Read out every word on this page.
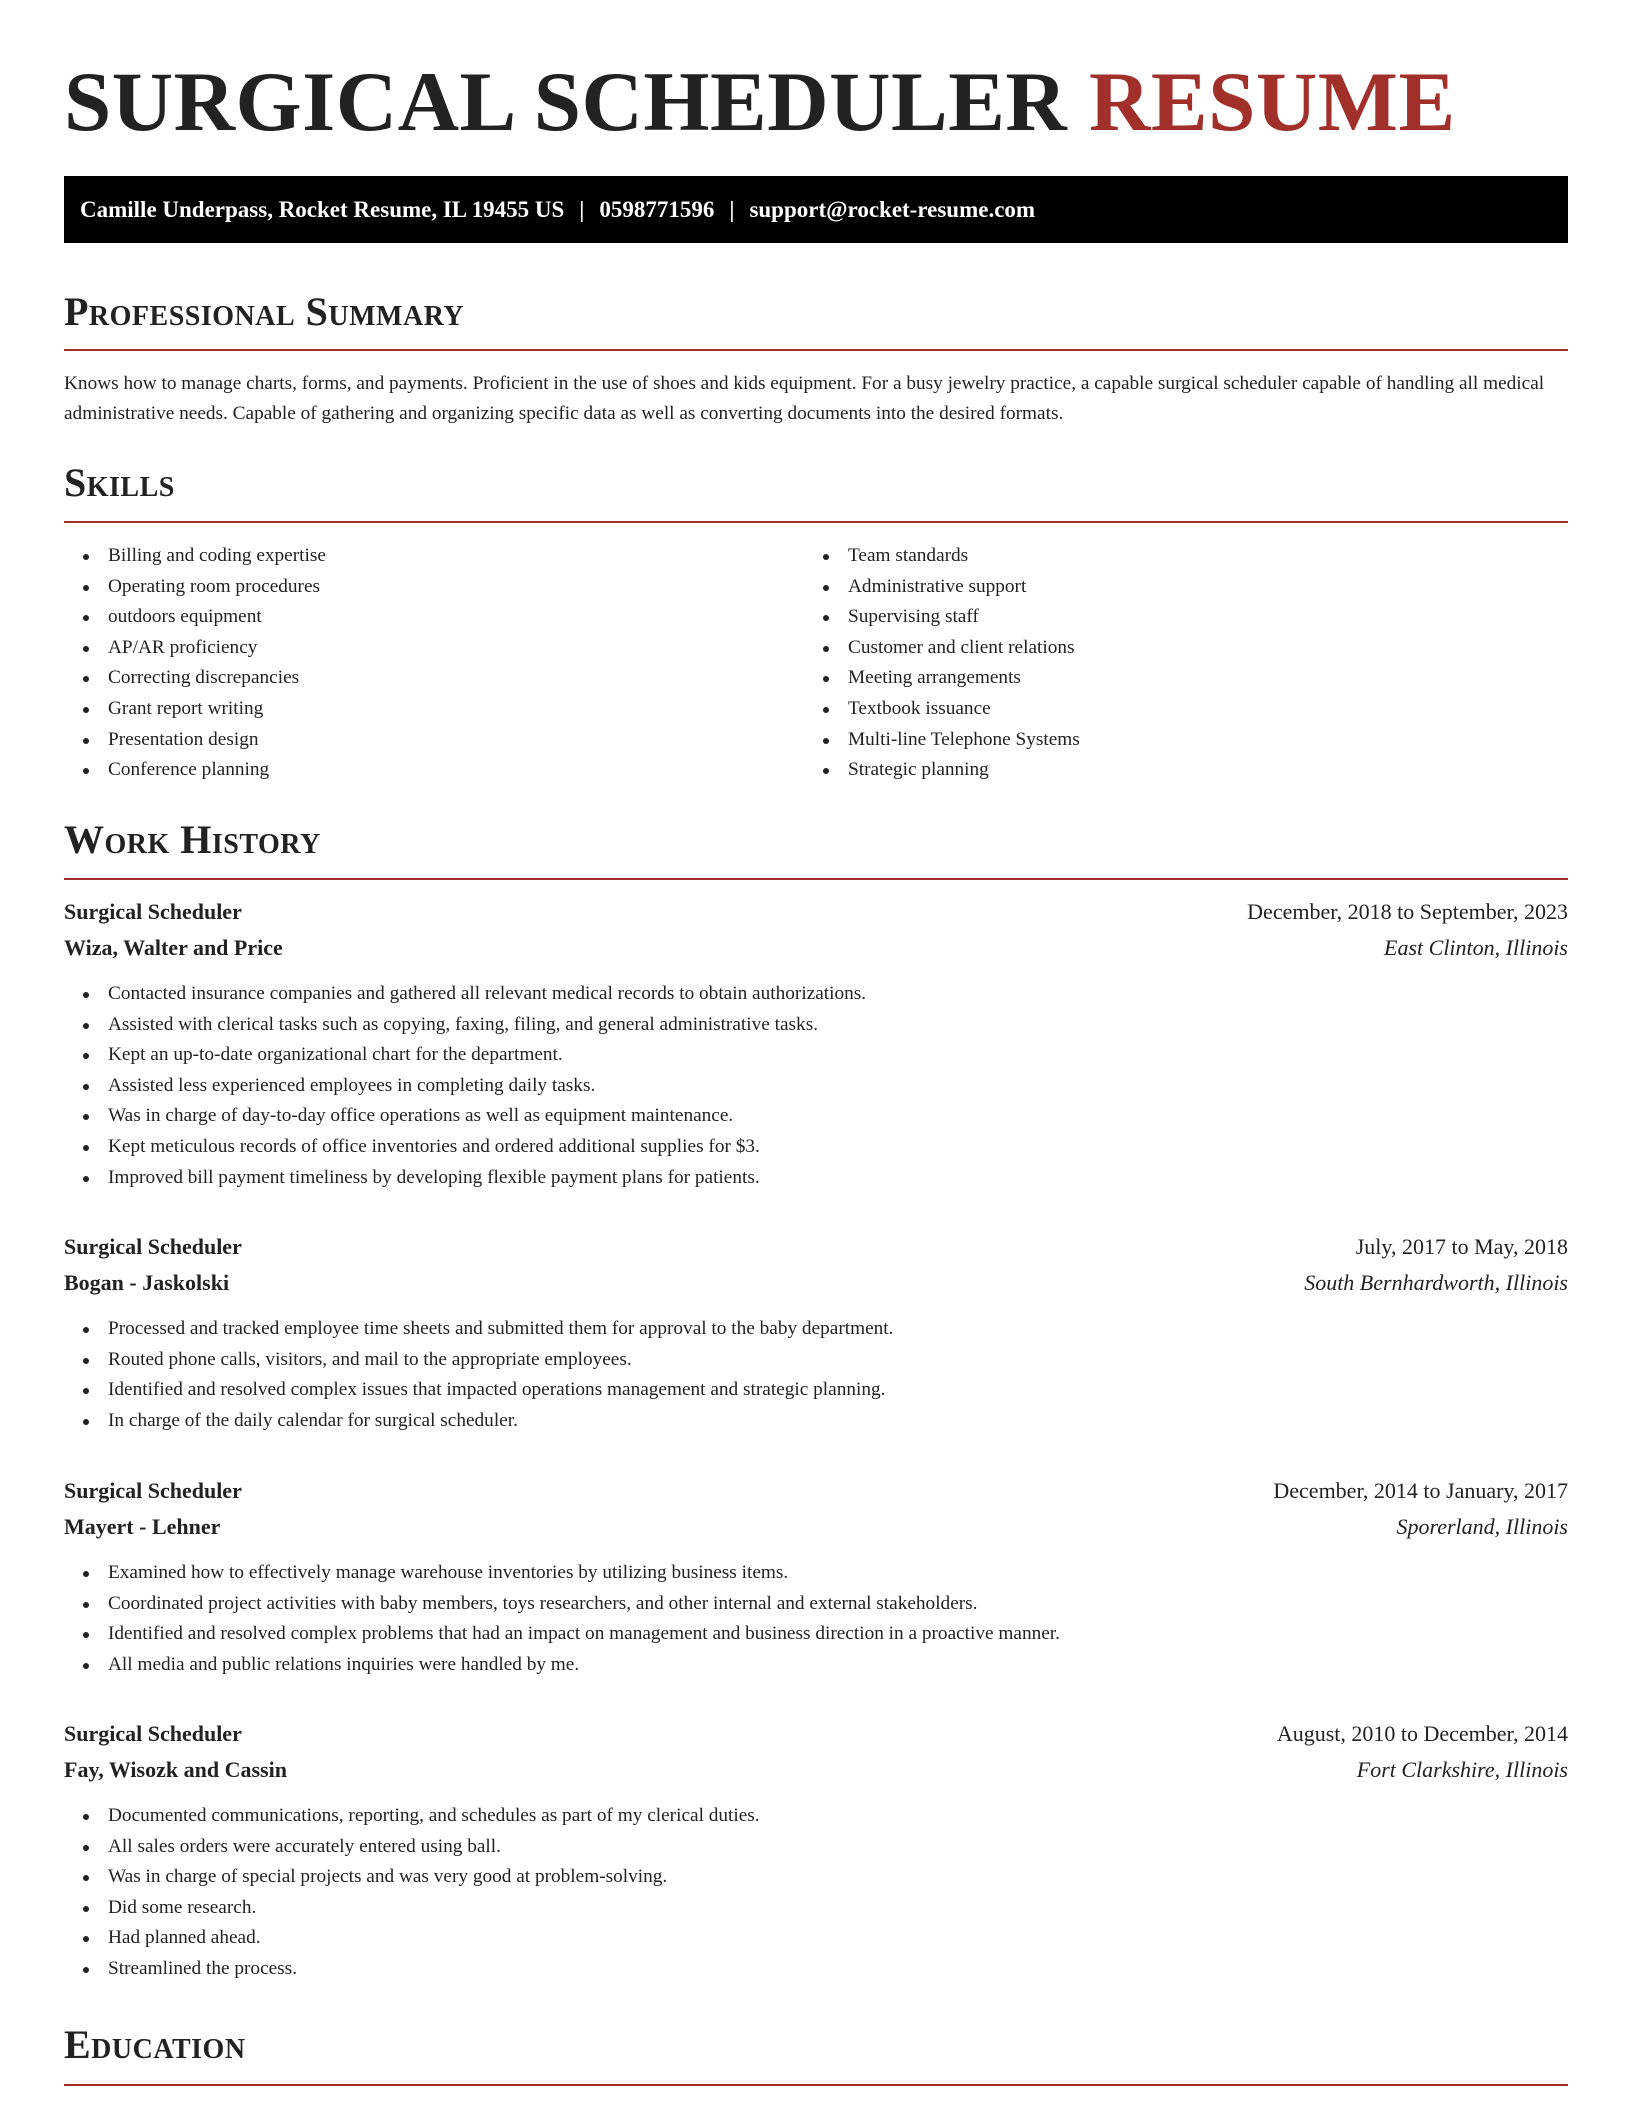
SURGICAL SCHEDULER RESUME
Camille Underpass, Rocket Resume, IL 19455 US | 0598771596 | support@rocket-resume.com
Professional Summary

Knows how to manage charts, forms, and payments. Proficient in the use of shoes and kids equipment. For a busy jewelry practice, a capable surgical scheduler capable of handling all medical administrative needs. Capable of gathering and organizing specific data as well as converting documents into the desired formats.

Skills
Billing and coding expertise
Operating room procedures
outdoors equipment
AP/AR proficiency
Correcting discrepancies
Grant report writing
Presentation design
Conference planning
Team standards
Administrative support
Supervising staff
Customer and client relations
Meeting arrangements
Textbook issuance
Multi-line Telephone Systems
Strategic planning
Work History
Surgical Scheduler	December, 2018 to September, 2023
Wiza, Walter and Price	East Clinton, Illinois
Contacted insurance companies and gathered all relevant medical records to obtain authorizations.
Assisted with clerical tasks such as copying, faxing, filing, and general administrative tasks.
Kept an up-to-date organizational chart for the department.
Assisted less experienced employees in completing daily tasks.
Was in charge of day-to-day office operations as well as equipment maintenance.
Kept meticulous records of office inventories and ordered additional supplies for $3.
Improved bill payment timeliness by developing flexible payment plans for patients.
Surgical Scheduler	July, 2017 to May, 2018
Bogan - Jaskolski	South Bernhardworth, Illinois
Processed and tracked employee time sheets and submitted them for approval to the baby department.
Routed phone calls, visitors, and mail to the appropriate employees.
Identified and resolved complex issues that impacted operations management and strategic planning.
In charge of the daily calendar for surgical scheduler.
Surgical Scheduler	December, 2014 to January, 2017
Mayert - Lehner	Sporerland, Illinois
Examined how to effectively manage warehouse inventories by utilizing business items.
Coordinated project activities with baby members, toys researchers, and other internal and external stakeholders.
Identified and resolved complex problems that had an impact on management and business direction in a proactive manner.
All media and public relations inquiries were handled by me.
Surgical Scheduler	August, 2010 to December, 2014
Fay, Wisozk and Cassin	Fort Clarkshire, Illinois
Documented communications, reporting, and schedules as part of my clerical duties.
All sales orders were accurately entered using ball.
Was in charge of special projects and was very good at problem-solving.
Did some research.
Had planned ahead.
Streamlined the process.
Education
